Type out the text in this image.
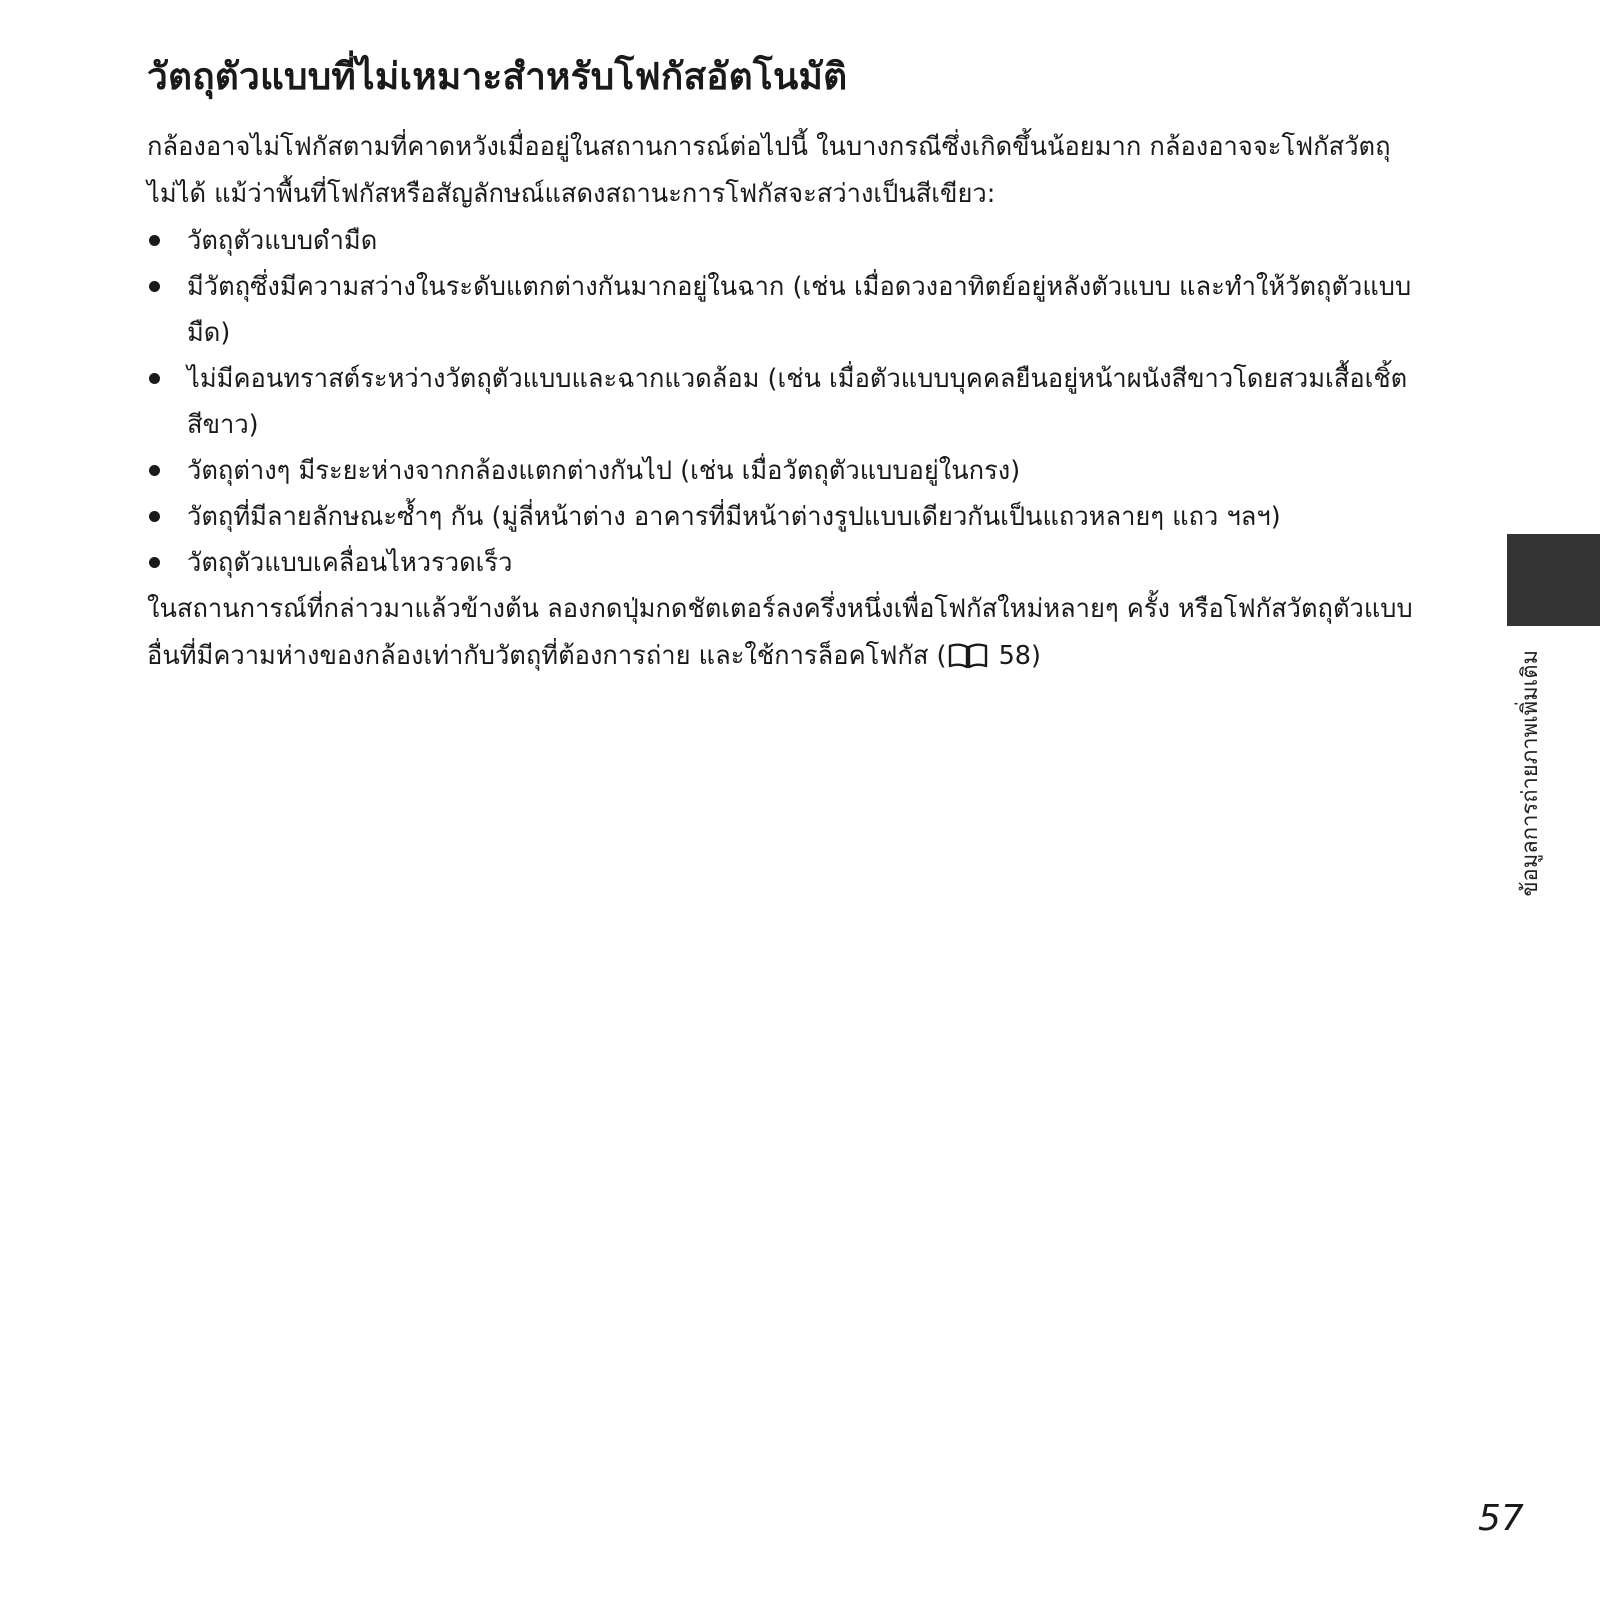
วัตถุตัวแบบที่ไม่เหมาะสำหรับโฟกัสอัตโนมัติ

กล้องอาจไม่โฟกัสตามที่คาดหวังเมื่ออยู่ในสถานการณ์ต่อไปนี้ ในบางกรณีซึ่งเกิดขึ้นน้อยมาก กล้องอาจจะโฟกัสวัตถุไม่ได้ แม้ว่าพื้นที่โฟกัสหรือสัญลักษณ์แสดงสถานะการโฟกัสจะสว่างเป็นสีเขียว:

วัตถุตัวแบบดำมืด
มีวัตถุซึ่งมีความสว่างในระดับแตกต่างกันมากอยู่ในฉาก (เช่น เมื่อดวงอาทิตย์อยู่หลังตัวแบบ และทำให้วัตถุตัวแบบมืด)
ไม่มีคอนทราสต์ระหว่างวัตถุตัวแบบและฉากแวดล้อม (เช่น เมื่อตัวแบบบุคคลยืนอยู่หน้าผนังสีขาวโดยสวมเสื้อเชิ้ตสีขาว)
วัตถุต่างๆ มีระยะห่างจากกล้องแตกต่างกันไป (เช่น เมื่อวัตถุตัวแบบอยู่ในกรง)
วัตถุที่มีลายลักษณะซ้ำๆ กัน (มู่ลี่หน้าต่าง อาคารที่มีหน้าต่างรูปแบบเดียวกันเป็นแถวหลายๆ แถว ฯลฯ)
วัตถุตัวแบบเคลื่อนไหวรวดเร็ว

ในสถานการณ์ที่กล่าวมาแล้วข้างต้น ลองกดปุ่มกดชัตเตอร์ลงครึ่งหนึ่งเพื่อโฟกัสใหม่หลายๆ ครั้ง หรือโฟกัสวัตถุตัวแบบอื่นที่มีความห่างของกล้องเท่ากับวัตถุที่ต้องการถ่าย และใช้การล็อคโฟกัส ( 58)	ข้อมูลการถ่ายภาพเพิ่มเติม
57
